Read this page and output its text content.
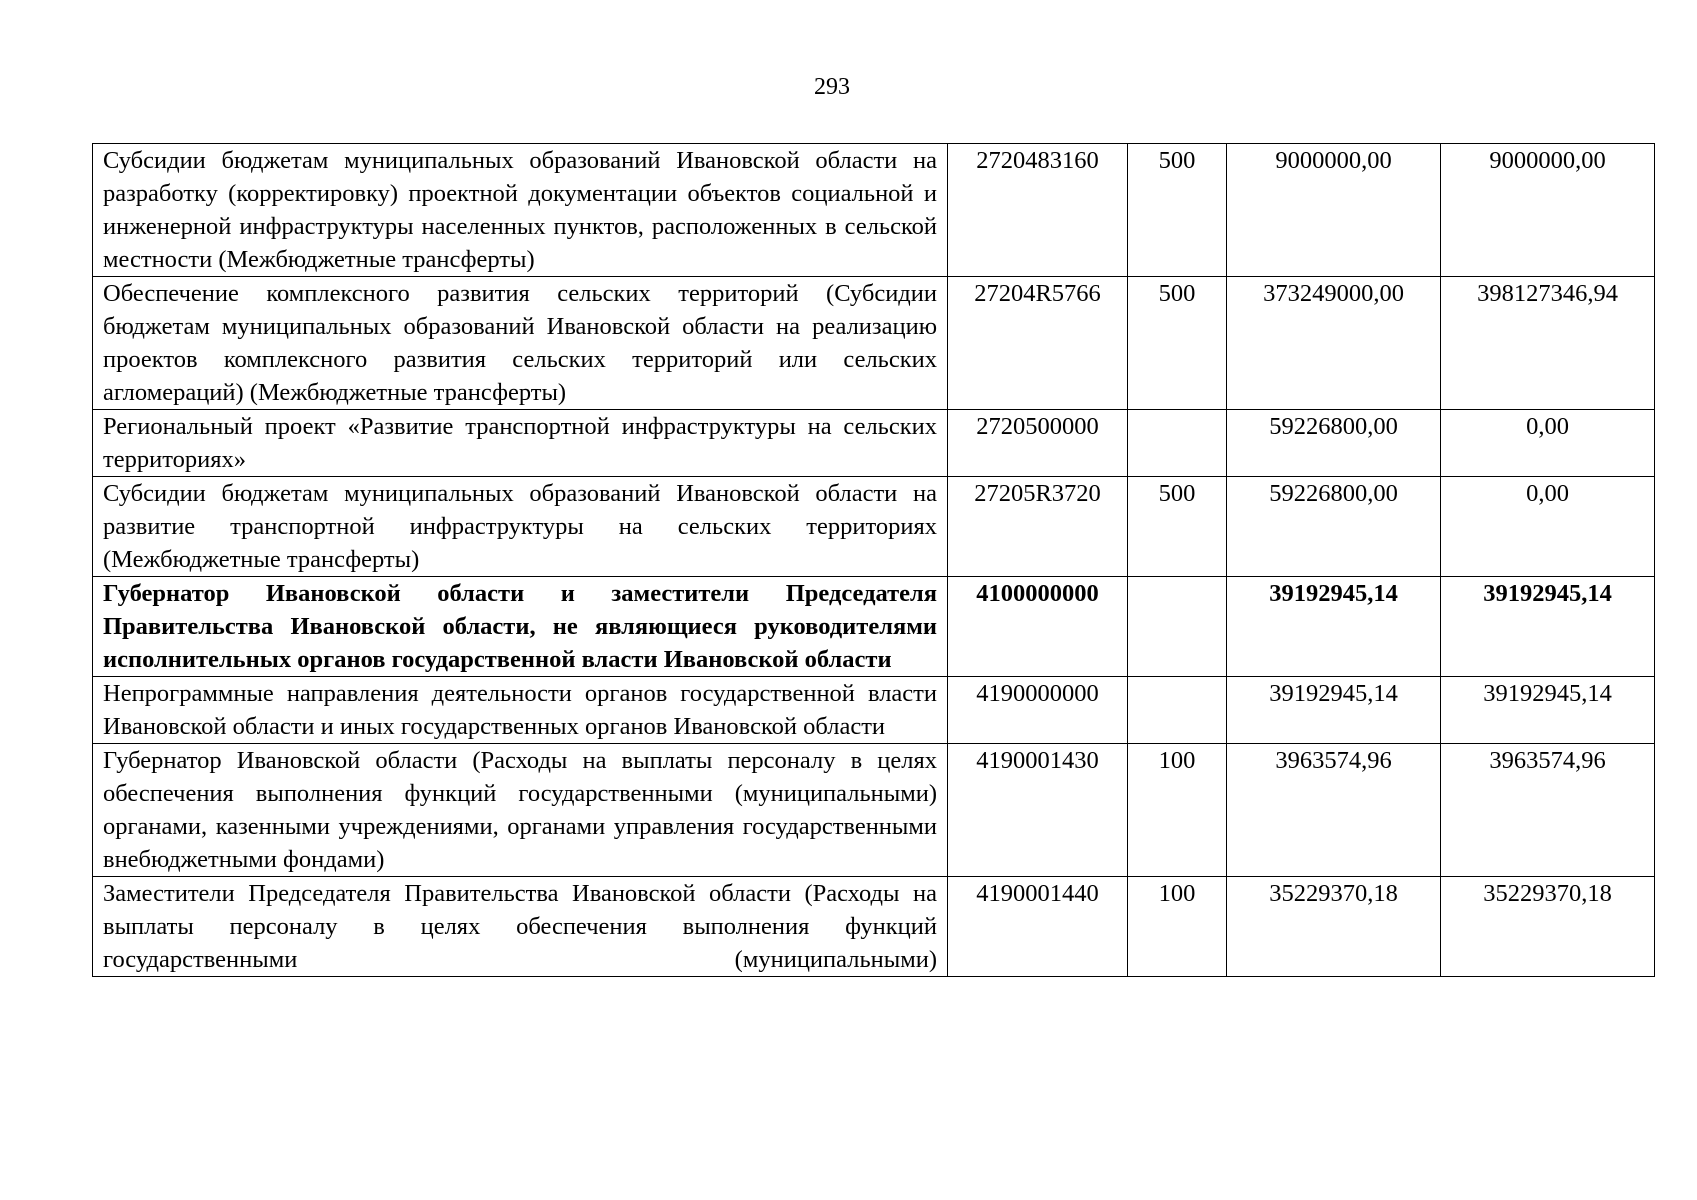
293
Субсидии бюджетам муниципальных образований Ивановской области на разработку (корректировку) проектной документации объектов социальной и инженерной инфраструктуры населенных пунктов, расположенных в сельской местности (Межбюджетные трансферты)	2720483160	500	9000000,00	9000000,00
Обеспечение комплексного развития сельских территорий (Субсидии бюджетам муниципальных образований Ивановской области на реализацию проектов комплексного развития сельских территорий или сельских агломераций) (Межбюджетные трансферты)	27204R5766	500	373249000,00	398127346,94
Региональный проект «Развитие транспортной инфраструктуры на сельских территориях»	2720500000		59226800,00	0,00
Субсидии бюджетам муниципальных образований Ивановской области на развитие транспортной инфраструктуры на сельских территориях (Межбюджетные трансферты)	27205R3720	500	59226800,00	0,00
Губернатор Ивановской области и заместители Председателя Правительства Ивановской области, не являющиеся руководителями исполнительных органов государственной власти Ивановской области	4100000000		39192945,14	39192945,14
Непрограммные направления деятельности органов государственной власти Ивановской области и иных государственных органов Ивановской области	4190000000		39192945,14	39192945,14
Губернатор Ивановской области (Расходы на выплаты персоналу в целях обеспечения выполнения функций государственными (муниципальными) органами, казенными учреждениями, органами управления государственными внебюджетными фондами)	4190001430	100	3963574,96	3963574,96
Заместители Председателя Правительства Ивановской области (Расходы на выплаты персоналу в целях обеспечения выполнения функций государственными (муниципальными)	4190001440	100	35229370,18	35229370,18
